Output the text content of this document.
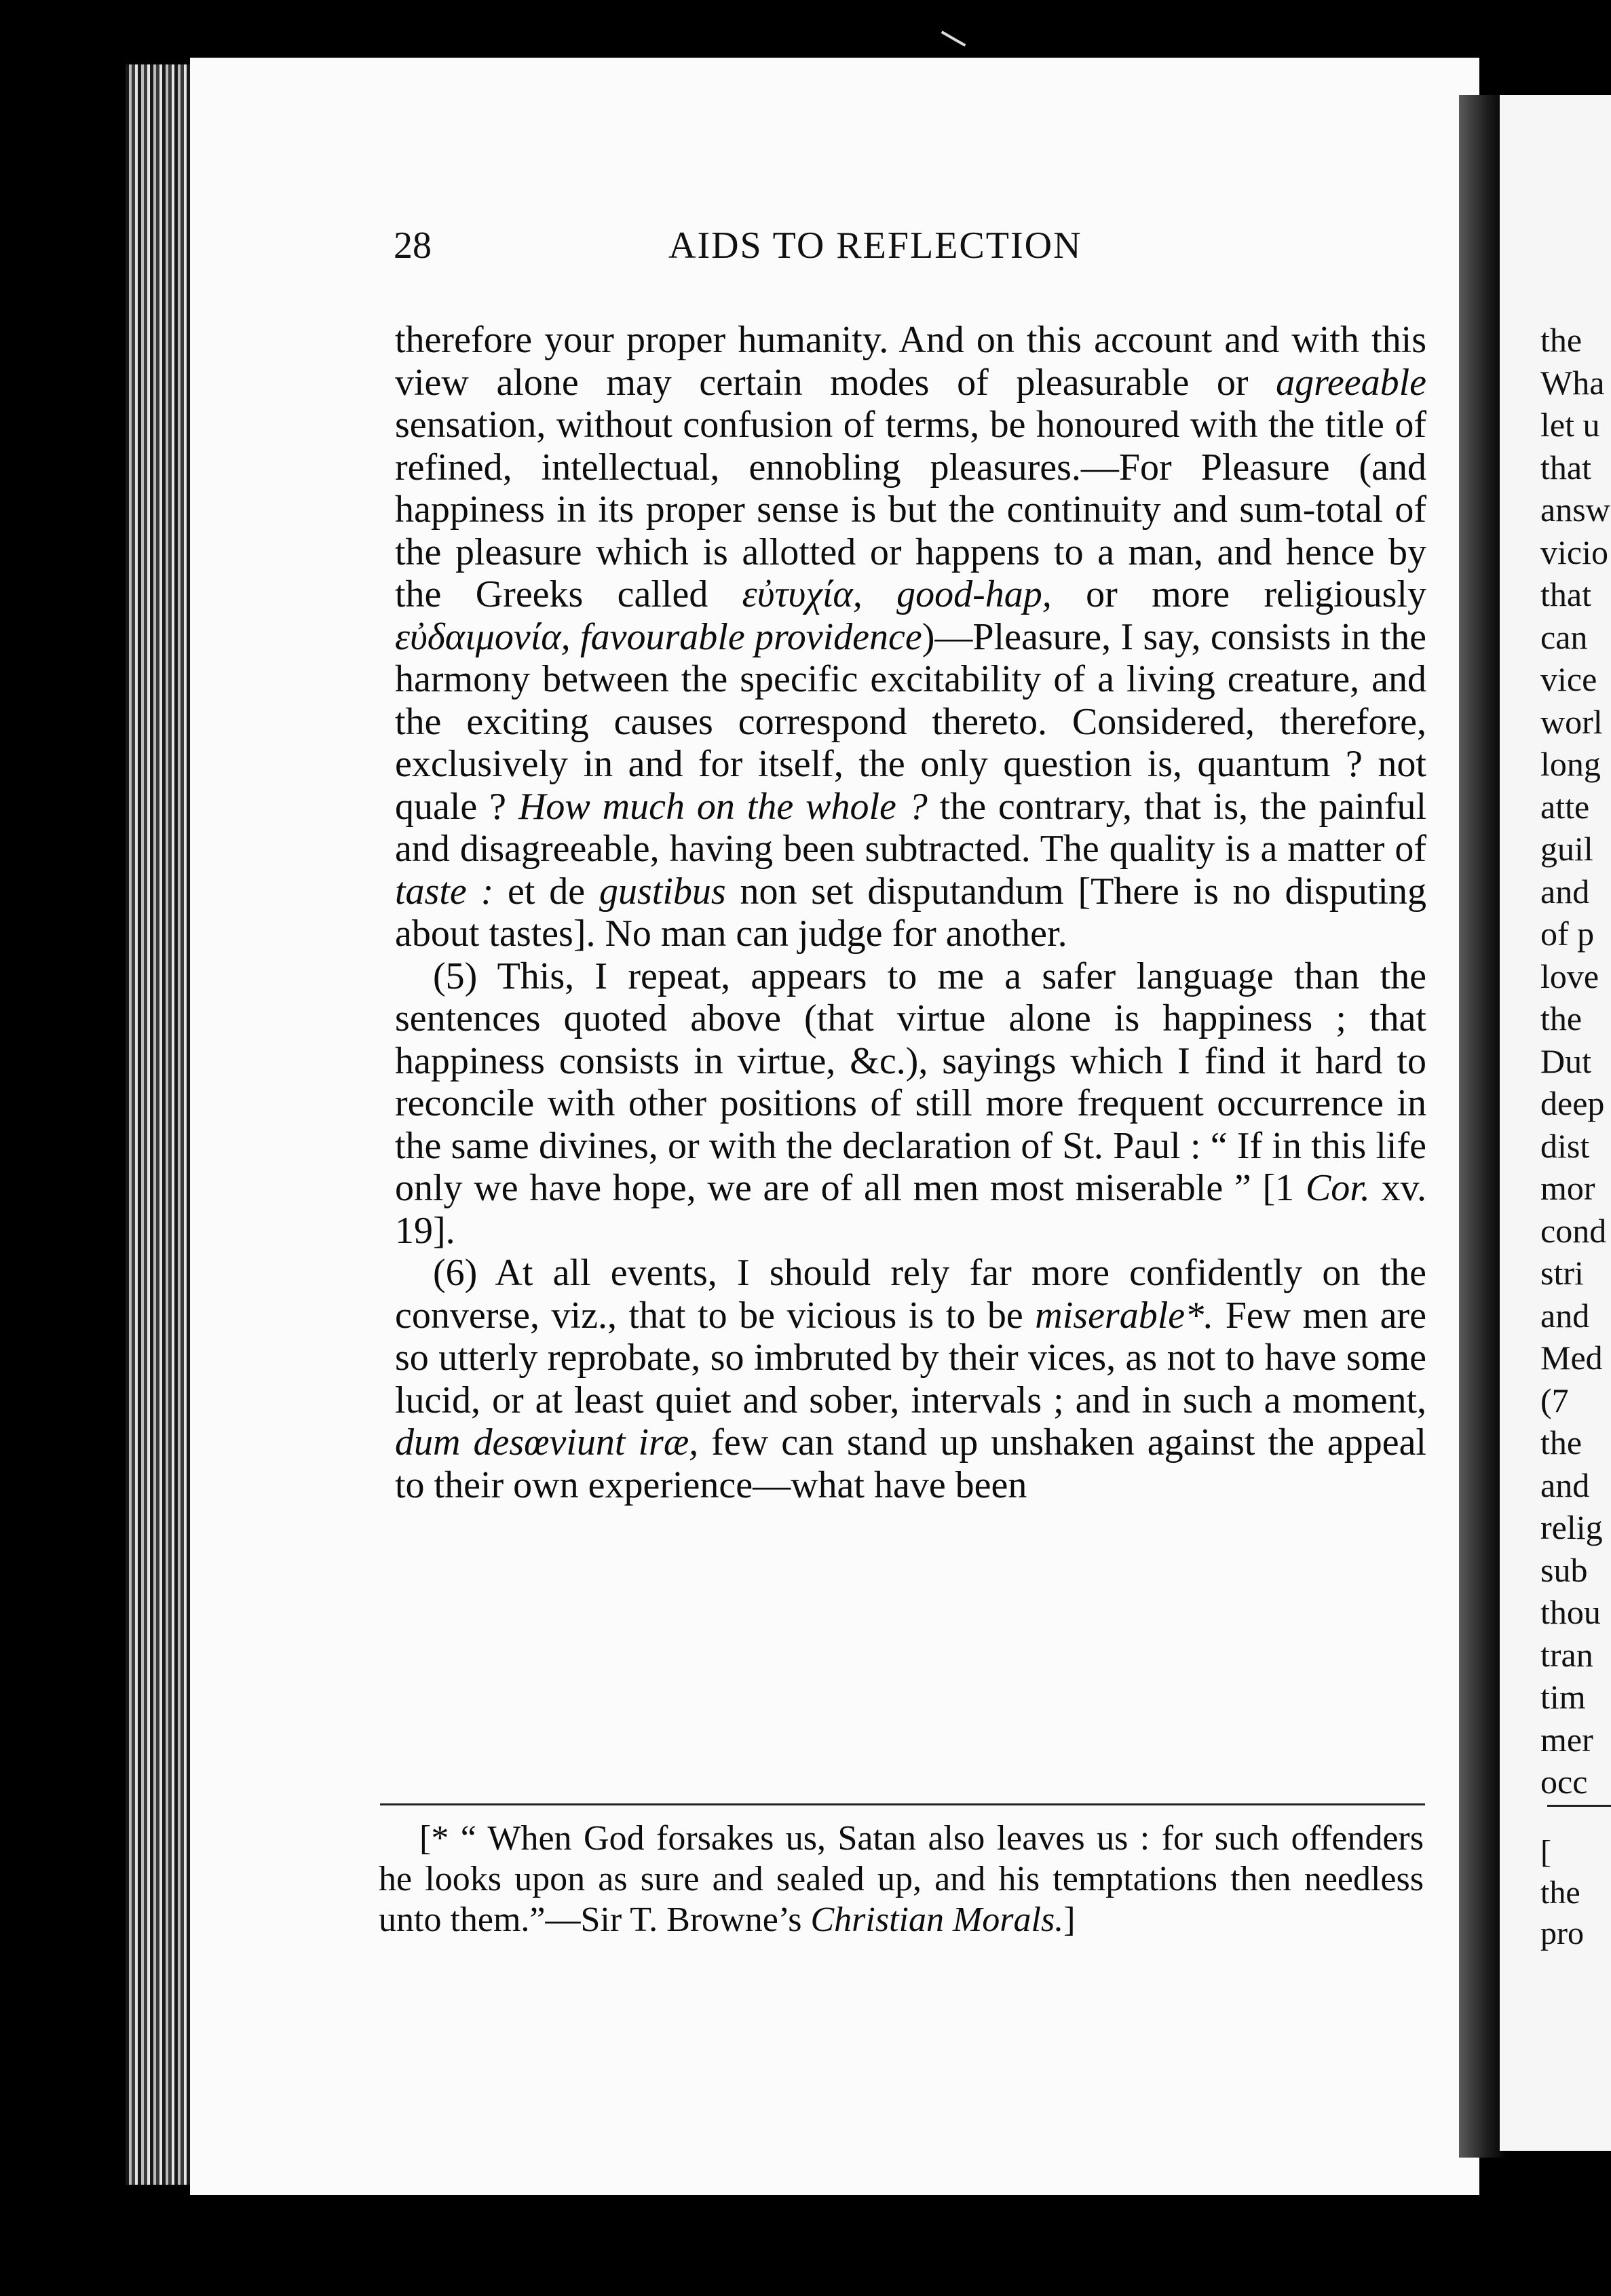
28	AIDS TO REFLECTION

therefore your proper humanity. And on this account and with this view alone may certain modes of pleasurable or agreeable sensation, without confusion of terms, be honoured with the title of refined, intellectual, ennobling pleasures.—For Pleasure (and happiness in its proper sense is but the continuity and sum-total of the pleasure which is allotted or happens to a man, and hence by the Greeks called εὐτυχία, good-hap, or more religiously εὐδαιμονία, favourable providence)—Pleasure, I say, consists in the harmony between the specific excitability of a living creature, and the exciting causes correspond thereto. Considered, therefore, exclusively in and for itself, the only question is, quantum ? not quale ? How much on the whole ? the contrary, that is, the painful and disagreeable, having been subtracted. The quality is a matter of taste : et de gustibus non set disputandum [There is no disputing about tastes]. No man can judge for another.

(5) This, I repeat, appears to me a safer language than the sentences quoted above (that virtue alone is happiness ; that happiness consists in virtue, &c.), sayings which I find it hard to reconcile with other positions of still more frequent occurrence in the same divines, or with the declaration of St. Paul : “ If in this life only we have hope, we are of all men most miserable ” [1 Cor. xv. 19].

(6) At all events, I should rely far more confidently on the converse, viz., that to be vicious is to be miserable*. Few men are so utterly reprobate, so imbruted by their vices, as not to have some lucid, or at least quiet and sober, intervals ; and in such a moment, dum desœviunt iræ, few can stand up unshaken against the appeal to their own experience—what have been

[* “ When God forsakes us, Satan also leaves us : for such offenders he looks upon as sure and sealed up, and his temptations then needless unto them.”—Sir T. Browne’s Christian Morals.]
the
Wha
let u
that
answ
vicio
that
can
vice
worl
long
atte
guil
and
of p
love
the
Dut
deep
dist
mor
cond
stri
and
Med
(7
the
and
relig
sub
thou
tran
tim
mer
occ
[
the
pro
